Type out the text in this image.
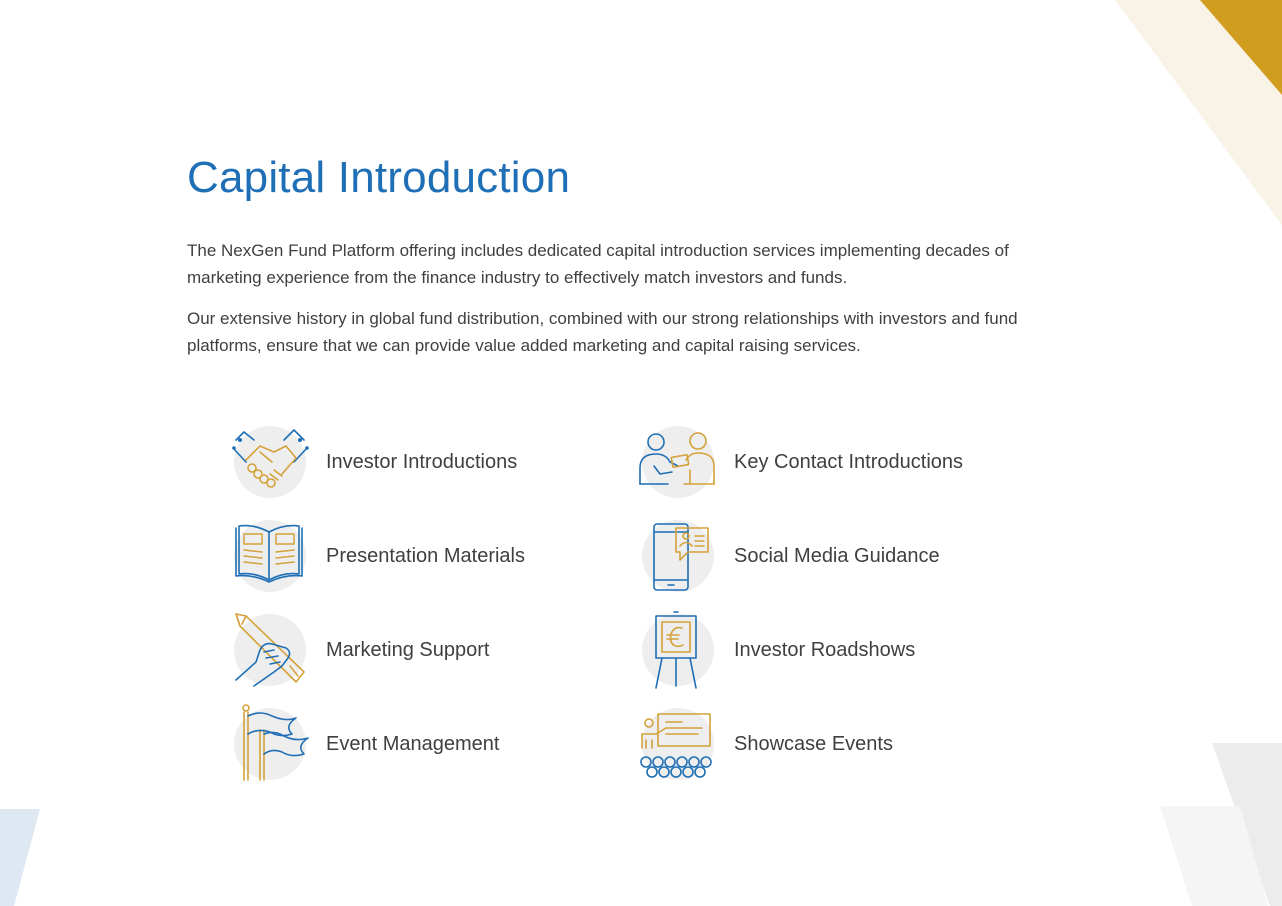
Capital Introduction

The NexGen Fund Platform offering includes dedicated capital introduction services implementing decades of marketing experience from the finance industry to effectively match investors and funds.

Our extensive history in global fund distribution, combined with our strong relationships with investors and fund platforms, ensure that we can provide value added marketing and capital raising services.

Investor Introductions	Key Contact Introductions
Presentation Materials	Social Media Guidance
Marketing Support	Investor Roadshows
Event Management	Showcase Events
